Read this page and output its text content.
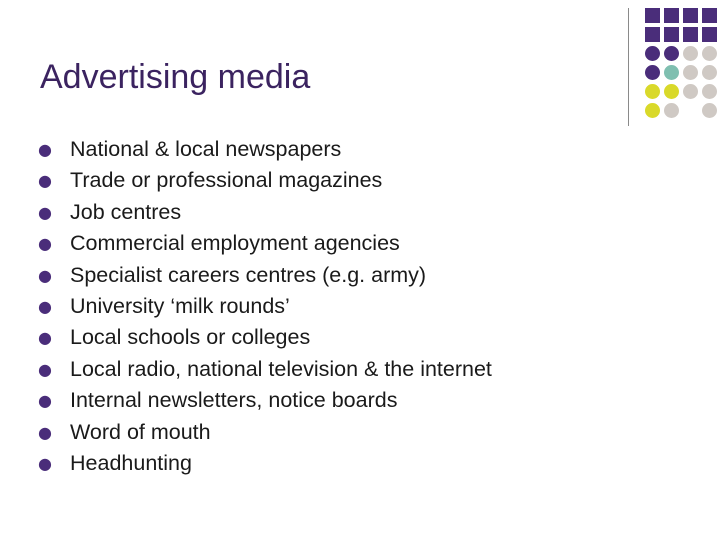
Advertising media
● National & local newspapers
● Trade or professional magazines
● Job centres
● Commercial employment agencies
● Specialist careers centres (e.g. army)
● University ‘milk rounds’
● Local schools or colleges
● Local radio, national television & the internet
● Internal newsletters, notice boards
● Word of mouth
● Headhunting
